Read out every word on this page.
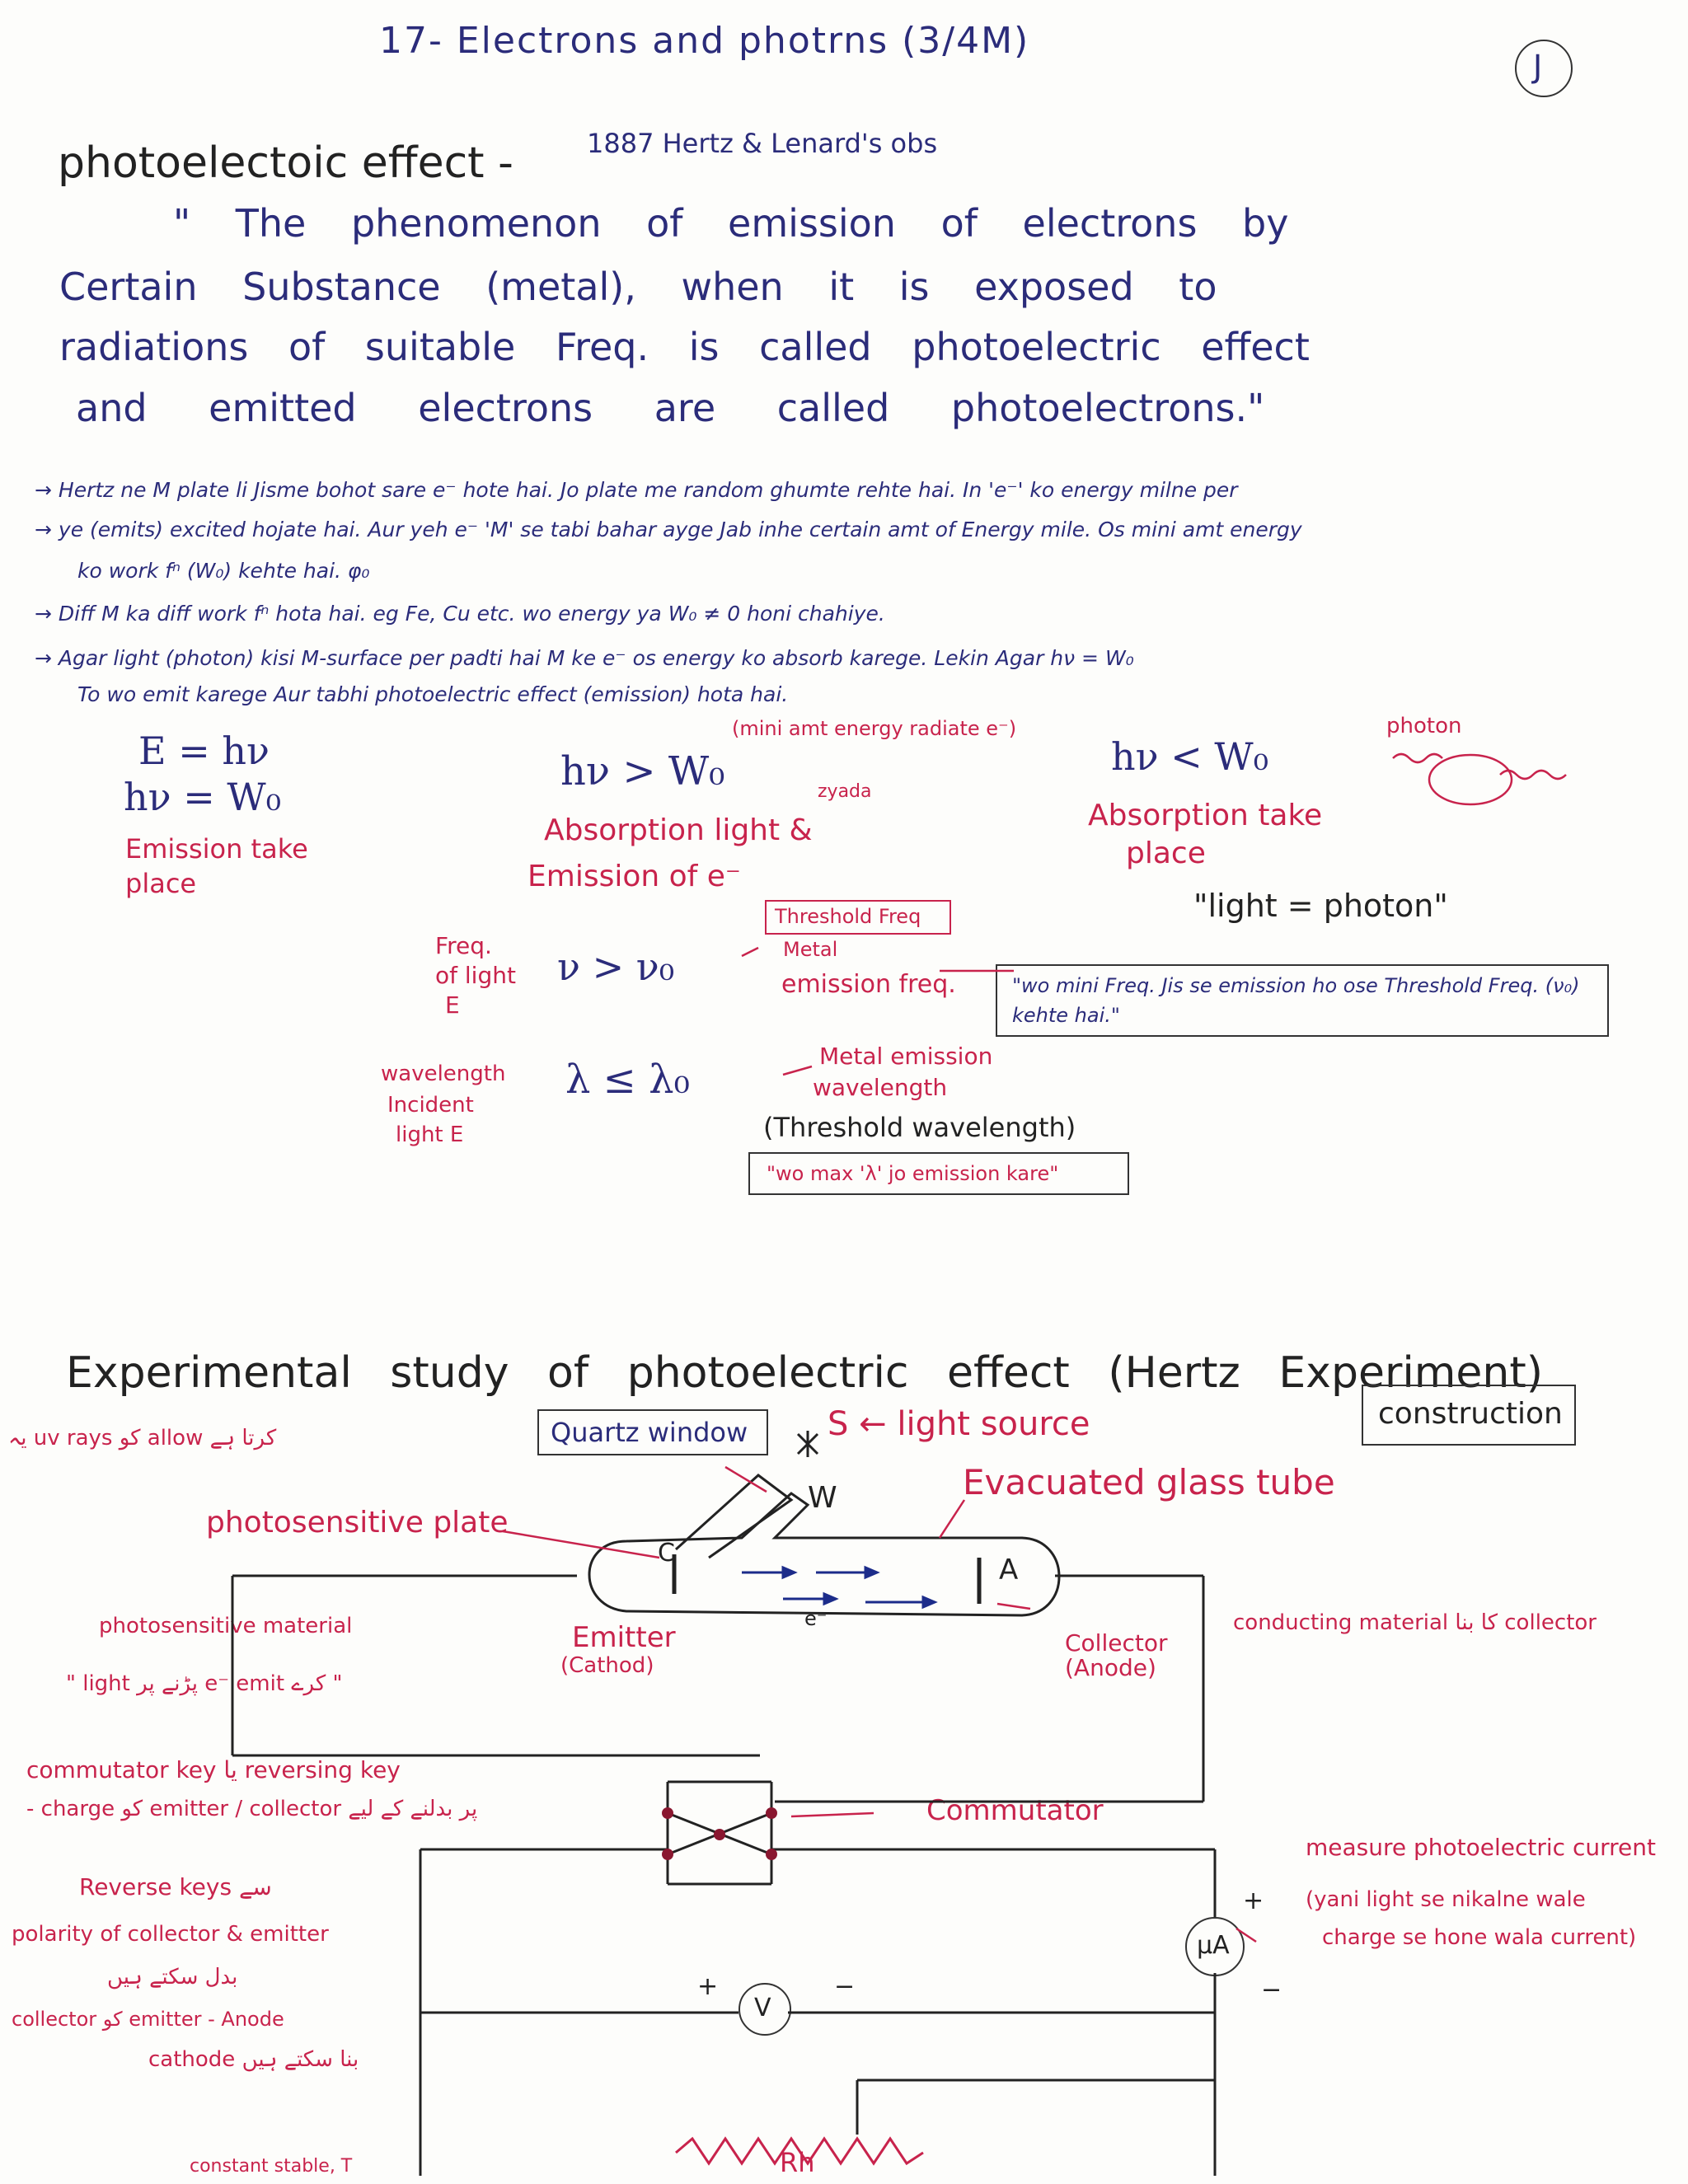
17- Electrons and photrns (3/4M)
J
photoelectoic effect -	1887 Hertz & Lenard's obs
" The phenomenon of emission of electrons by
Certain Substance (metal), when it is exposed to
radiations of suitable Freq. is called photoelectric effect
and emitted electrons are called photoelectrons."
→ Hertz ne M plate li Jisme bohot sare e⁻ hote hai. Jo plate me random ghumte rehte hai. In 'e⁻' ko energy milne per
→ ye (emits) excited hojate hai. Aur yeh e⁻ 'M' se tabi bahar ayge Jab inhe certain amt of Energy mile. Os mini amt energy
ko work fⁿ (W₀) kehte hai. φ₀
→ Diff M ka diff work fⁿ hota hai. eg Fe, Cu etc. wo energy ya W₀ ≠ 0 honi chahiye.
→ Agar light (photon) kisi M-surface per padti hai M ke e⁻ os energy ko absorb karege. Lekin Agar hν = W₀
To wo emit karege Aur tabhi photoelectric effect (emission) hota hai.
E = hν
hν = W₀
Emission take place
hν > W₀
(mini amt energy radiate e⁻)
zyada
Absorption light &
Emission of e⁻
hν < W₀
Absorption take
place
photon
"light = photon"
Freq.
of light
E
ν > ν₀
Threshold Freq
Metal
emission freq.	"wo mini Freq. Jis se emission ho ose Threshold Freq. (ν₀)
kehte hai."
wavelength
Incident
light E
λ ≤ λ₀
Metal emission
wavelength
(Threshold wavelength)
"wo max 'λ' jo emission kare"
Experimental study of photoelectric effect (Hertz Experiment)
construction
یہ uv rays کو allow کرتا ہے	Quartz window S ← light source
W	Evacuated glass tube
photosensitive plate
C
A
e⁻
Emitter
(Cathod)
Collector
(Anode)
photosensitive material
" light پڑنے پر e⁻ emit کرے "
conducting material کا بنا collector
commutator key یا reversing key
- charge کو emitter / collector پر بدلنے کے لیے	Commutator
Reverse keys سے
polarity of collector & emitter
بدل سکتے ہیں
collector کو emitter - Anode
cathode بنا سکتے ہیں
measure photoelectric current
(yani light se nikalne wale
charge se hone wala current)
+
−
+	−
Rh
constant stable, T
μA
V
